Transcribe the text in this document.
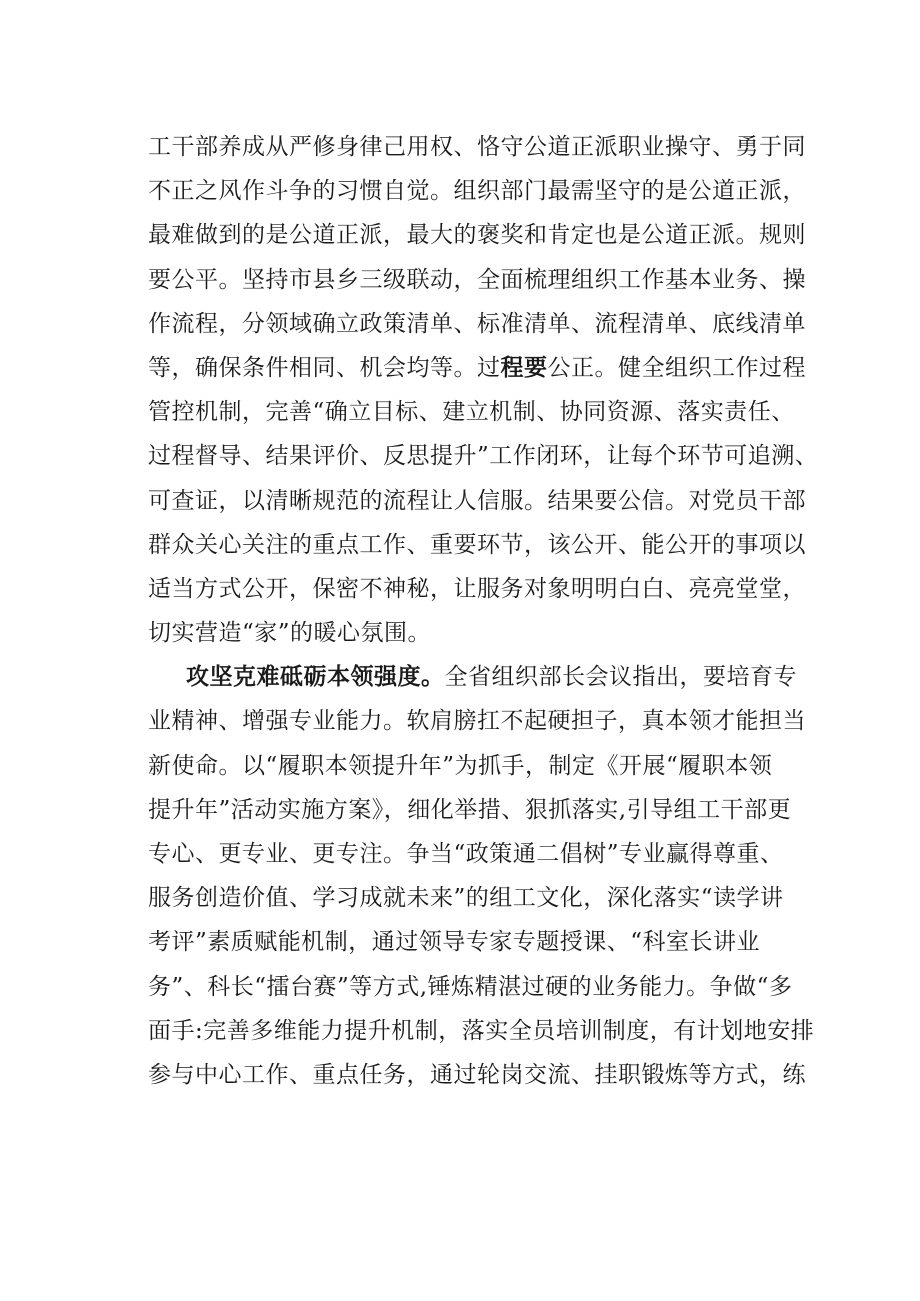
工干部养成从严修身律己用权、恪守公道正派职业操守、勇于同
不正之风作斗争的习惯自觉。组织部门最需坚守的是公道正派，
最难做到的是公道正派，最大的褒奖和肯定也是公道正派。规则
要公平。坚持市县乡三级联动，全面梳理组织工作基本业务、操
作流程，分领域确立政策清单、标准清单、流程清单、底线清单
等，确保条件相同、机会均等。过程要公正。健全组织工作过程
管控机制，完善“确立目标、建立机制、协同资源、落实责任、
过程督导、结果评价、反思提升”工作闭环，让每个环节可追溯、
可查证，以清晰规范的流程让人信服。结果要公信。对党员干部
群众关心关注的重点工作、重要环节，该公开、能公开的事项以
适当方式公开，保密不神秘，让服务对象明明白白、亮亮堂堂，
切实营造“家”的暖心氛围。
攻坚克难砥砺本领强度。全省组织部长会议指出，要培育专
业精神、增强专业能力。软肩膀扛不起硬担子，真本领才能担当
新使命。以“履职本领提升年”为抓手，制定《开展“履职本领
提升年”活动实施方案》，细化举措、狠抓落实,引导组工干部更
专心、更专业、更专注。争当“政策通二倡树”专业赢得尊重、
服务创造价值、学习成就未来”的组工文化，深化落实“读学讲
考评”素质赋能机制，通过领导专家专题授课、“科室长讲业
务”、科长“擂台赛”等方式,锤炼精湛过硬的业务能力。争做“多
面手:完善多维能力提升机制，落实全员培训制度，有计划地安排
参与中心工作、重点任务，通过轮岗交流、挂职锻炼等方式，练
